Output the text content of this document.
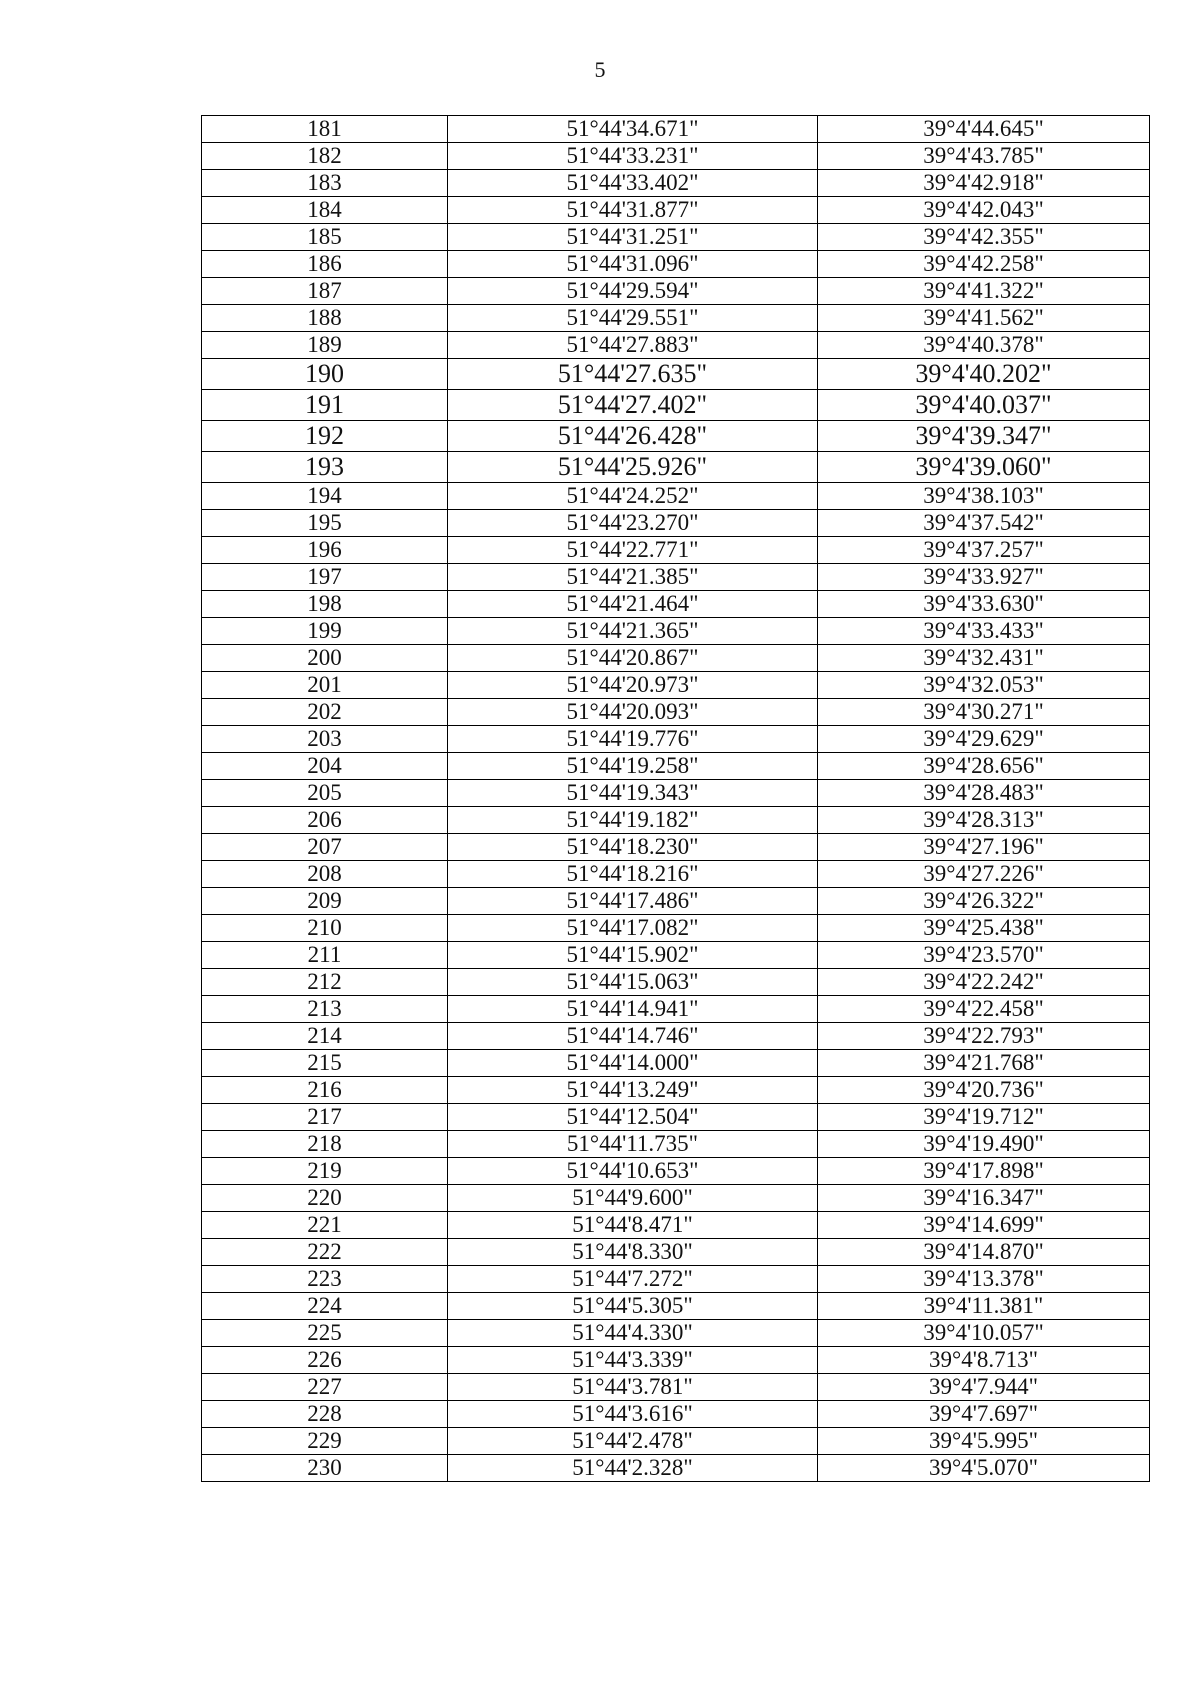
5
181	51°44'34.671"	39°4'44.645"
182	51°44'33.231"	39°4'43.785"
183	51°44'33.402"	39°4'42.918"
184	51°44'31.877"	39°4'42.043"
185	51°44'31.251"	39°4'42.355"
186	51°44'31.096"	39°4'42.258"
187	51°44'29.594"	39°4'41.322"
188	51°44'29.551"	39°4'41.562"
189	51°44'27.883"	39°4'40.378"
190	51°44'27.635"	39°4'40.202"
191	51°44'27.402"	39°4'40.037"
192	51°44'26.428"	39°4'39.347"
193	51°44'25.926"	39°4'39.060"
194	51°44'24.252"	39°4'38.103"
195	51°44'23.270"	39°4'37.542"
196	51°44'22.771"	39°4'37.257"
197	51°44'21.385"	39°4'33.927"
198	51°44'21.464"	39°4'33.630"
199	51°44'21.365"	39°4'33.433"
200	51°44'20.867"	39°4'32.431"
201	51°44'20.973"	39°4'32.053"
202	51°44'20.093"	39°4'30.271"
203	51°44'19.776"	39°4'29.629"
204	51°44'19.258"	39°4'28.656"
205	51°44'19.343"	39°4'28.483"
206	51°44'19.182"	39°4'28.313"
207	51°44'18.230"	39°4'27.196"
208	51°44'18.216"	39°4'27.226"
209	51°44'17.486"	39°4'26.322"
210	51°44'17.082"	39°4'25.438"
211	51°44'15.902"	39°4'23.570"
212	51°44'15.063"	39°4'22.242"
213	51°44'14.941"	39°4'22.458"
214	51°44'14.746"	39°4'22.793"
215	51°44'14.000"	39°4'21.768"
216	51°44'13.249"	39°4'20.736"
217	51°44'12.504"	39°4'19.712"
218	51°44'11.735"	39°4'19.490"
219	51°44'10.653"	39°4'17.898"
220	51°44'9.600"	39°4'16.347"
221	51°44'8.471"	39°4'14.699"
222	51°44'8.330"	39°4'14.870"
223	51°44'7.272"	39°4'13.378"
224	51°44'5.305"	39°4'11.381"
225	51°44'4.330"	39°4'10.057"
226	51°44'3.339"	39°4'8.713"
227	51°44'3.781"	39°4'7.944"
228	51°44'3.616"	39°4'7.697"
229	51°44'2.478"	39°4'5.995"
230	51°44'2.328"	39°4'5.070"
